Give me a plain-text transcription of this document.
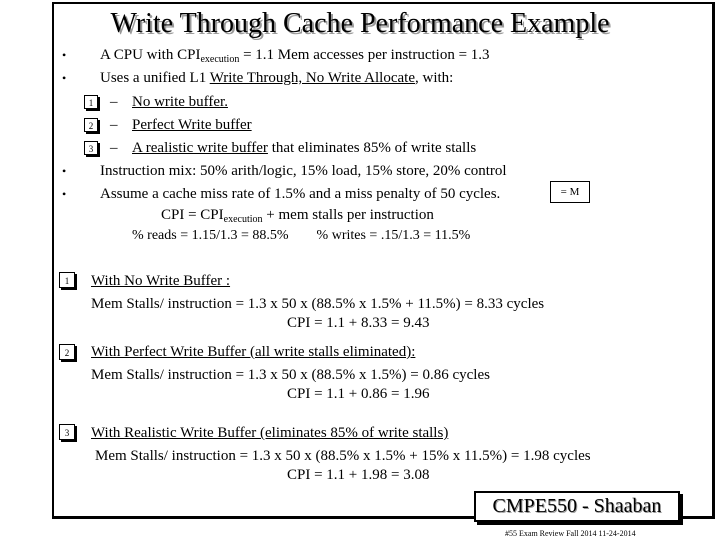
Write Through Cache Performance Example
• A CPU with $CPI_{execution} = 1.1$ Mem accesses per instruction = 1.3
• Uses a unified L1 Write Through, No Write Allocate, with:
1	– No write buffer.
2	– Perfect Write buffer
3	– A realistic write buffer that eliminates 85% of write stalls
• Instruction mix: 50% arith/logic, 15% load, 15% store, 20% control
• Assume a cache miss rate of 1.5% and a miss penalty of 50 cycles.	= M
CPI = $CPI_{execution}$ + mem stalls per instruction
% reads = 1.15/1.3 = 88.5%        % writes = .15/1.3 = 11.5%
1	With No Write Buffer :
Mem Stalls/ instruction = 1.3 x 50 x (88.5% x 1.5% + 11.5%) = 8.33 cycles
CPI = 1.1 + 8.33 = 9.43
2	With Perfect Write Buffer (all write stalls eliminated):
Mem Stalls/ instruction = 1.3 x 50 x (88.5% x 1.5%) = 0.86 cycles
CPI = 1.1 + 0.86 = 1.96
3	With Realistic Write Buffer (eliminates 85% of write stalls)
Mem Stalls/ instruction = 1.3 x 50 x (88.5% x 1.5% + 15% x 11.5%) = 1.98 cycles
CPI = 1.1 + 1.98 = 3.08
CMPE550 - Shaaban
#55 Exam Review Fall 2014 11-24-2014
